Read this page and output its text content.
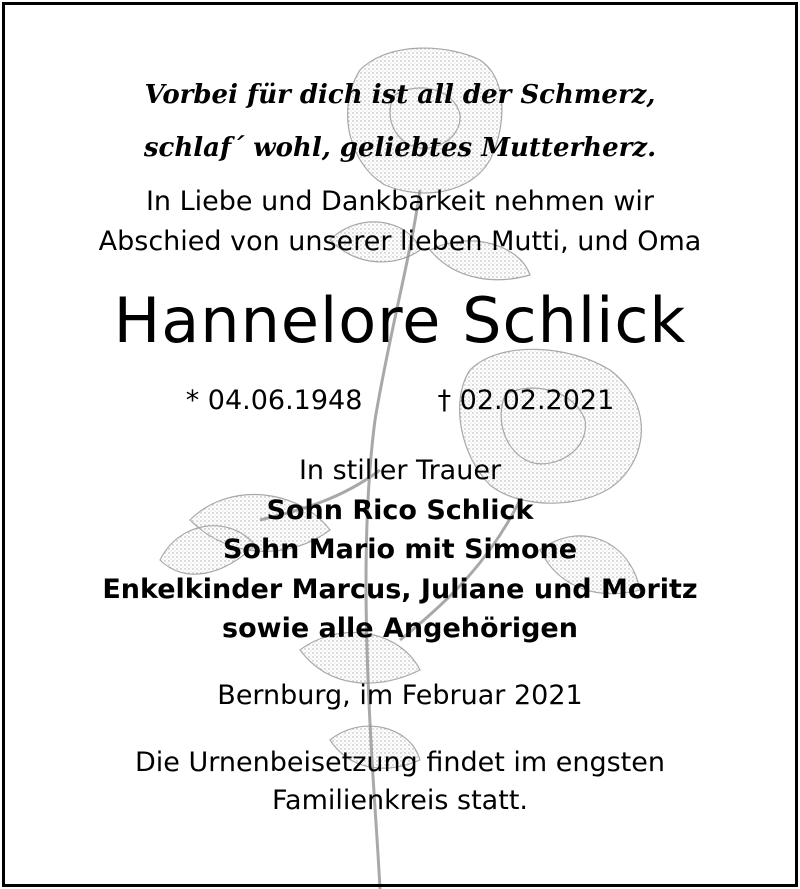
Vorbei für dich ist all der Schmerz,
schlaf´ wohl, geliebtes Mutterherz.
In Liebe und Dankbarkeit nehmen wir
Abschied von unserer lieben Mutti, und Oma
Hannelore Schlick
* 04.06.1948	† 02.02.2021
In stiller Trauer
Sohn Rico Schlick
Sohn Mario mit Simone
Enkelkinder Marcus, Juliane und Moritz
sowie alle Angehörigen
Bernburg, im Februar 2021
Die Urnenbeisetzung findet im engsten
Familienkreis statt.
